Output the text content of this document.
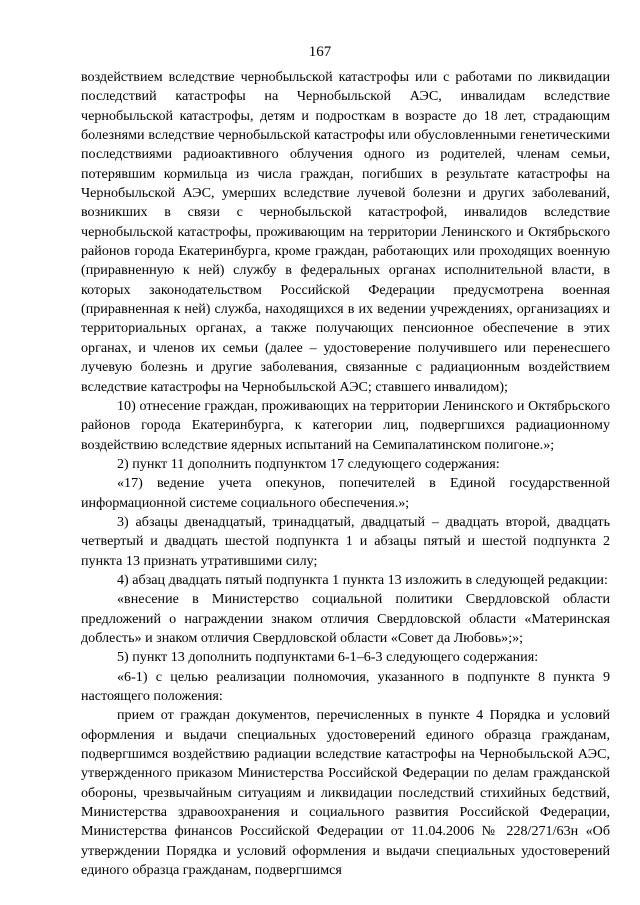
167

воздействием вследствие чернобыльской катастрофы или с работами по ликвидации последствий катастрофы на Чернобыльской АЭС, инвалидам вследствие чернобыльской катастрофы, детям и подросткам в возрасте до 18 лет, страдающим болезнями вследствие чернобыльской катастрофы или обусловленными генетическими последствиями радиоактивного облучения одного из родителей, членам семьи, потерявшим кормильца из числа граждан, погибших в результате катастрофы на Чернобыльской АЭС, умерших вследствие лучевой болезни и других заболеваний, возникших в связи с чернобыльской катастрофой, инвалидов вследствие чернобыльской катастрофы, проживающим на территории Ленинского и Октябрьского районов города Екатеринбурга, кроме граждан, работающих или проходящих военную (приравненную к ней) службу в федеральных органах исполнительной власти, в которых законодательством Российской Федерации предусмотрена военная (приравненная к ней) служба, находящихся в их ведении учреждениях, организациях и территориальных органах, а также получающих пенсионное обеспечение в этих органах, и членов их семьи (далее – удостоверение получившего или перенесшего лучевую болезнь и другие заболевания, связанные с радиационным воздействием вследствие катастрофы на Чернобыльской АЭС; ставшего инвалидом);

10) отнесение граждан, проживающих на территории Ленинского и Октябрьского районов города Екатеринбурга, к категории лиц, подвергшихся радиационному воздействию вследствие ядерных испытаний на Семипалатинском полигоне.»;

2) пункт 11 дополнить подпунктом 17 следующего содержания:

«17) ведение учета опекунов, попечителей в Единой государственной информационной системе социального обеспечения.»;

3) абзацы двенадцатый, тринадцатый, двадцатый – двадцать второй, двадцать четвертый и двадцать шестой подпункта 1 и абзацы пятый и шестой подпункта 2 пункта 13 признать утратившими силу;

4) абзац двадцать пятый подпункта 1 пункта 13 изложить в следующей редакции:

«внесение в Министерство социальной политики Свердловской области предложений о награждении знаком отличия Свердловской области «Материнская доблесть» и знаком отличия Свердловской области «Совет да Любовь»;»;

5) пункт 13 дополнить подпунктами 6-1–6-3 следующего содержания:

«6-1) с целью реализации полномочия, указанного в подпункте 8 пункта 9 настоящего положения:

прием от граждан документов, перечисленных в пункте 4 Порядка и условий оформления и выдачи специальных удостоверений единого образца гражданам, подвергшимся воздействию радиации вследствие катастрофы на Чернобыльской АЭС, утвержденного приказом Министерства Российской Федерации по делам гражданской обороны, чрезвычайным ситуациям и ликвидации последствий стихийных бедствий, Министерства здравоохранения и социального развития Российской Федерации, Министерства финансов Российской Федерации от 11.04.2006 № 228/271/63н «Об утверждении Порядка и условий оформления и выдачи специальных удостоверений единого образца гражданам, подвергшимся
